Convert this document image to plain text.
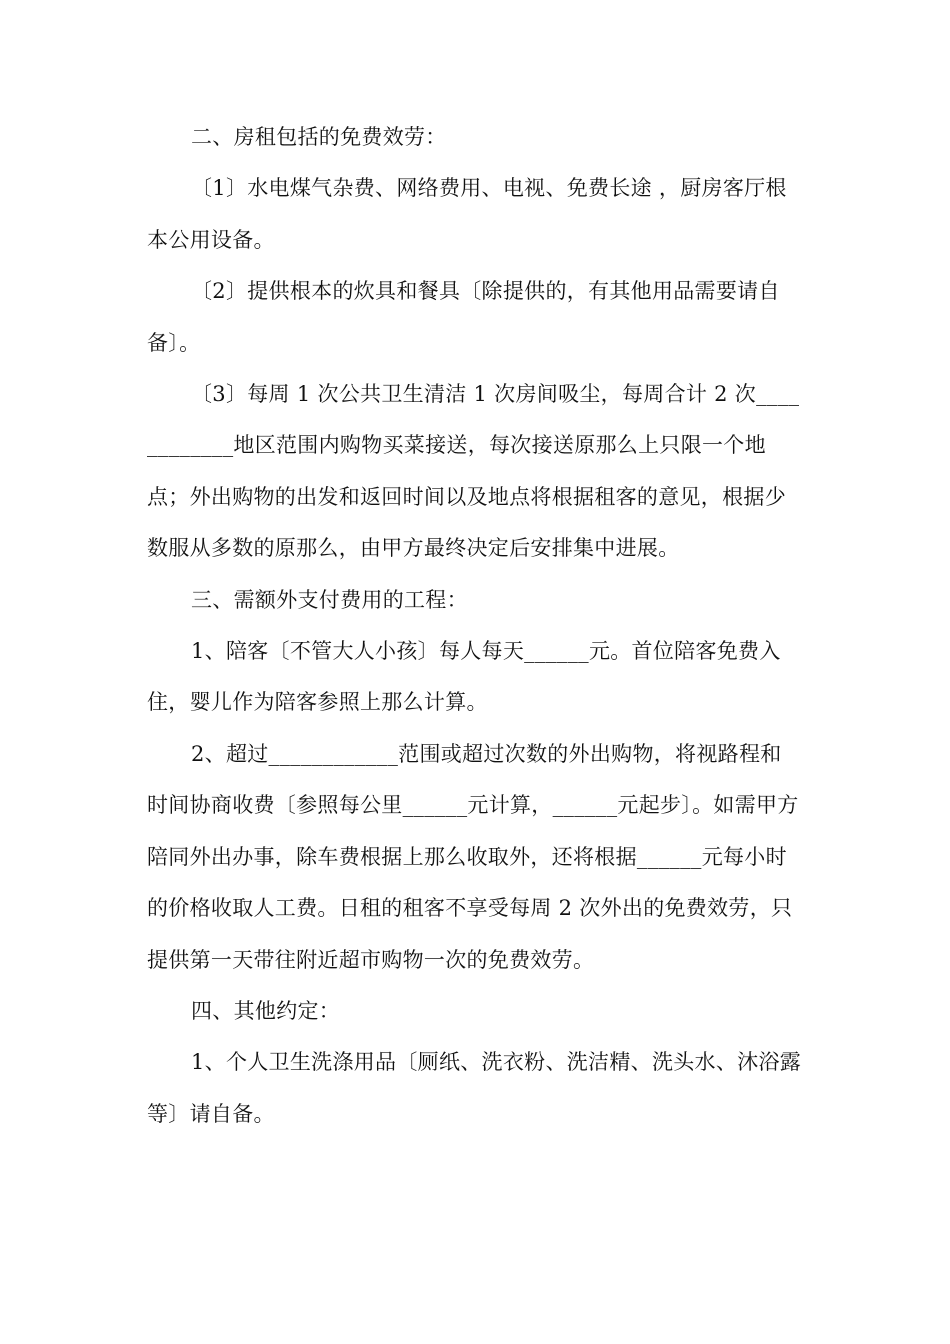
二、房租包括的免费效劳：

〔1〕水电煤气杂费、网络费用、电视、免费长途 ，厨房客厅根本公用设备。

〔2〕提供根本的炊具和餐具〔除提供的，有其他用品需要请自备〕。

〔3〕每周 1 次公共卫生清洁 1 次房间吸尘，每周合计 2 次____________地区范围内购物买菜接送，每次接送原那么上只限一个地点；外出购物的出发和返回时间以及地点将根据租客的意见，根据少数服从多数的原那么，由甲方最终决定后安排集中进展。

三、需额外支付费用的工程：

1、陪客〔不管大人小孩〕每人每天______元。首位陪客免费入住，婴儿作为陪客参照上那么计算。

2、超过____________范围或超过次数的外出购物，将视路程和时间协商收费〔参照每公里______元计算，______元起步〕。如需甲方陪同外出办事，除车费根据上那么收取外，还将根据______元每小时的价格收取人工费。日租的租客不享受每周 2 次外出的免费效劳，只提供第一天带往附近超市购物一次的免费效劳。

四、其他约定：

1、个人卫生洗涤用品〔厕纸、洗衣粉、洗洁精、洗头水、沐浴露等〕请自备。
